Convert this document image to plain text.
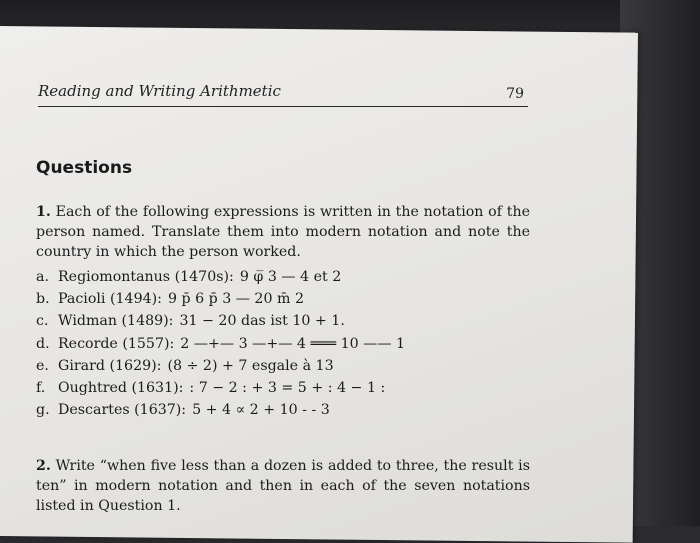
Reading and Writing Arithmetic	79
Questions

1. Each of the following expressions is written in the notation of the person named. Translate them into modern notation and note the country in which the person worked.

a. Regiomontanus (1470s): 9 φ̅ 3 — 4 et 2
b. Pacioli (1494): 9 p̄ 6 p̄ 3 — 20 m̄ 2
c. Widman (1489): 31 − 20 das ist 10 + 1.
d. Recorde (1557): 2 —+— 3 —+— 4 ═══ 10 —— 1
e. Girard (1629): (8 ÷ 2) + 7 esgale à 13
f. Oughtred (1631): : 7 − 2 : + 3 = 5 + : 4 − 1 :
g. Descartes (1637): 5 + 4 ∝ 2 + 10 - - 3

2. Write “when five less than a dozen is added to three, the result is ten” in modern notation and then in each of the seven notations listed in Question 1.
